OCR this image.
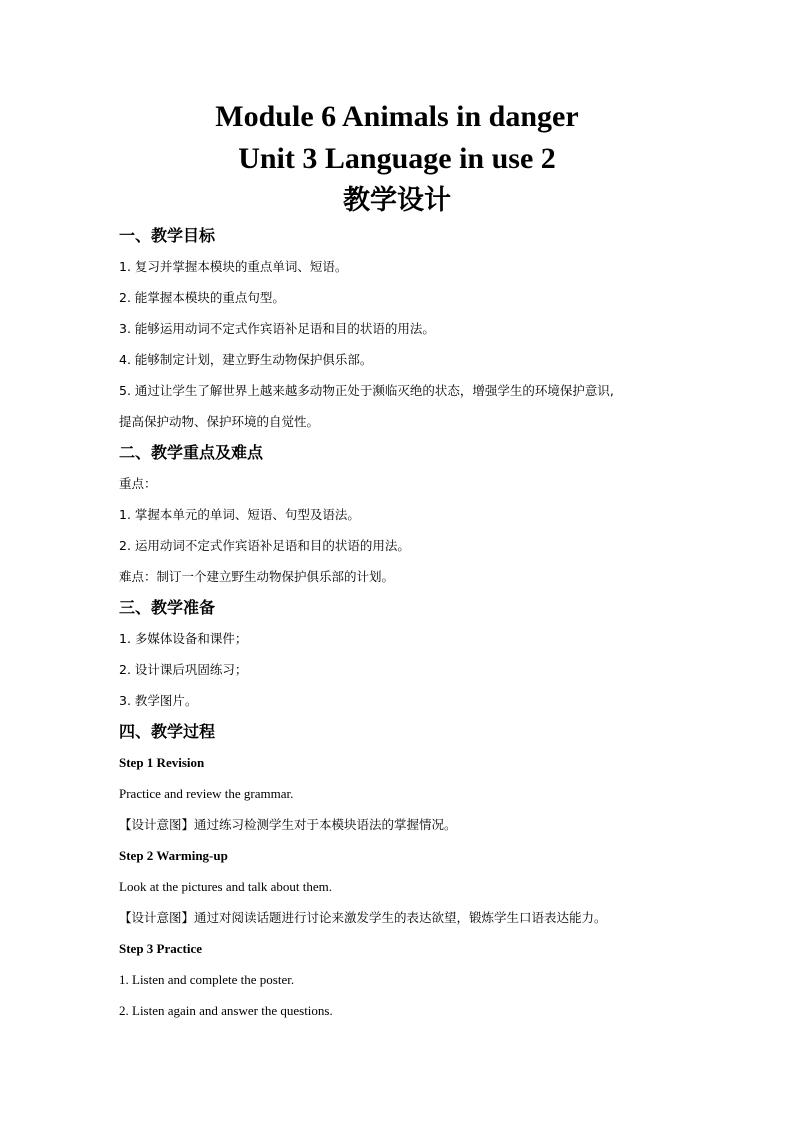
Module 6 Animals in danger
Unit 3 Language in use 2
教学设计

一、教学目标

1. 复习并掌握本模块的重点单词、短语。

2. 能掌握本模块的重点句型。

3. 能够运用动词不定式作宾语补足语和目的状语的用法。

4. 能够制定计划，建立野生动物保护俱乐部。

5. 通过让学生了解世界上越来越多动物正处于濒临灭绝的状态，增强学生的环境保护意识,

提高保护动物、保护环境的自觉性。

二、教学重点及难点

重点：

1. 掌握本单元的单词、短语、句型及语法。

2. 运用动词不定式作宾语补足语和目的状语的用法。

难点：制订一个建立野生动物保护俱乐部的计划。

三、教学准备

1. 多媒体设备和课件；

2. 设计课后巩固练习；

3. 教学图片。

四、教学过程

Step 1 Revision

Practice and review the grammar.

【设计意图】通过练习检测学生对于本模块语法的掌握情况。

Step 2 Warming-up

Look at the pictures and talk about them.

【设计意图】通过对阅读话题进行讨论来激发学生的表达欲望，锻炼学生口语表达能力。

Step 3 Practice

1. Listen and complete the poster.

2. Listen again and answer the questions.
